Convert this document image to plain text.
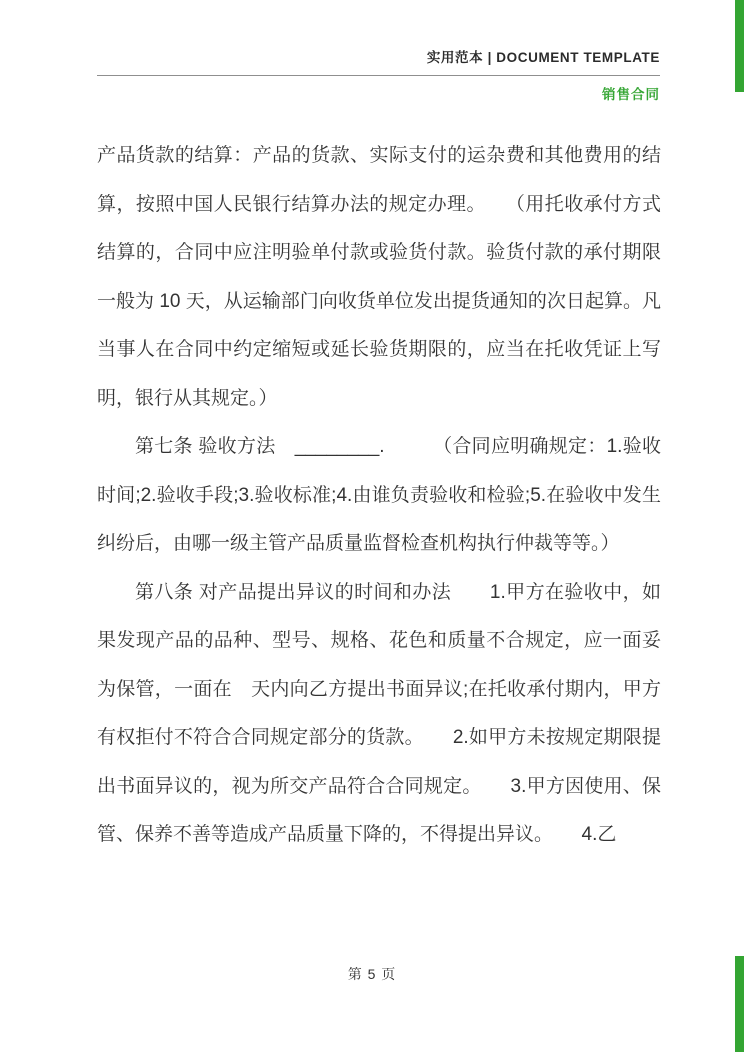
实用范本 | DOCUMENT TEMPLATE
销售合同

产品货款的结算：产品的货款、实际支付的运杂费和其他费用的结算，按照中国人民银行结算办法的规定办理。　　（用托收承付方式结算的，合同中应注明验单付款或验货付款。验货付款的承付期限一般为 10 天，从运输部门向收货单位发出提货通知的次日起算。凡当事人在合同中约定缩短或延长验货期限的，应当在托收凭证上写明，银行从其规定。）

第七条 验收方法　________.　　　（合同应明确规定：1.验收时间;2.验收手段;3.验收标准;4.由谁负责验收和检验;5.在验收中发生纠纷后，由哪一级主管产品质量监督检查机构执行仲裁等等。）

第八条 对产品提出异议的时间和办法　　1.甲方在验收中，如果发现产品的品种、型号、规格、花色和质量不合规定，应一面妥为保管，一面在　天内向乙方提出书面异议;在托收承付期内，甲方有权拒付不符合合同规定部分的货款。　　2.如甲方未按规定期限提出书面异议的，视为所交产品符合合同规定。　　3.甲方因使用、保管、保养不善等造成产品质量下降的，不得提出异议。　　4.乙

第 5 页
